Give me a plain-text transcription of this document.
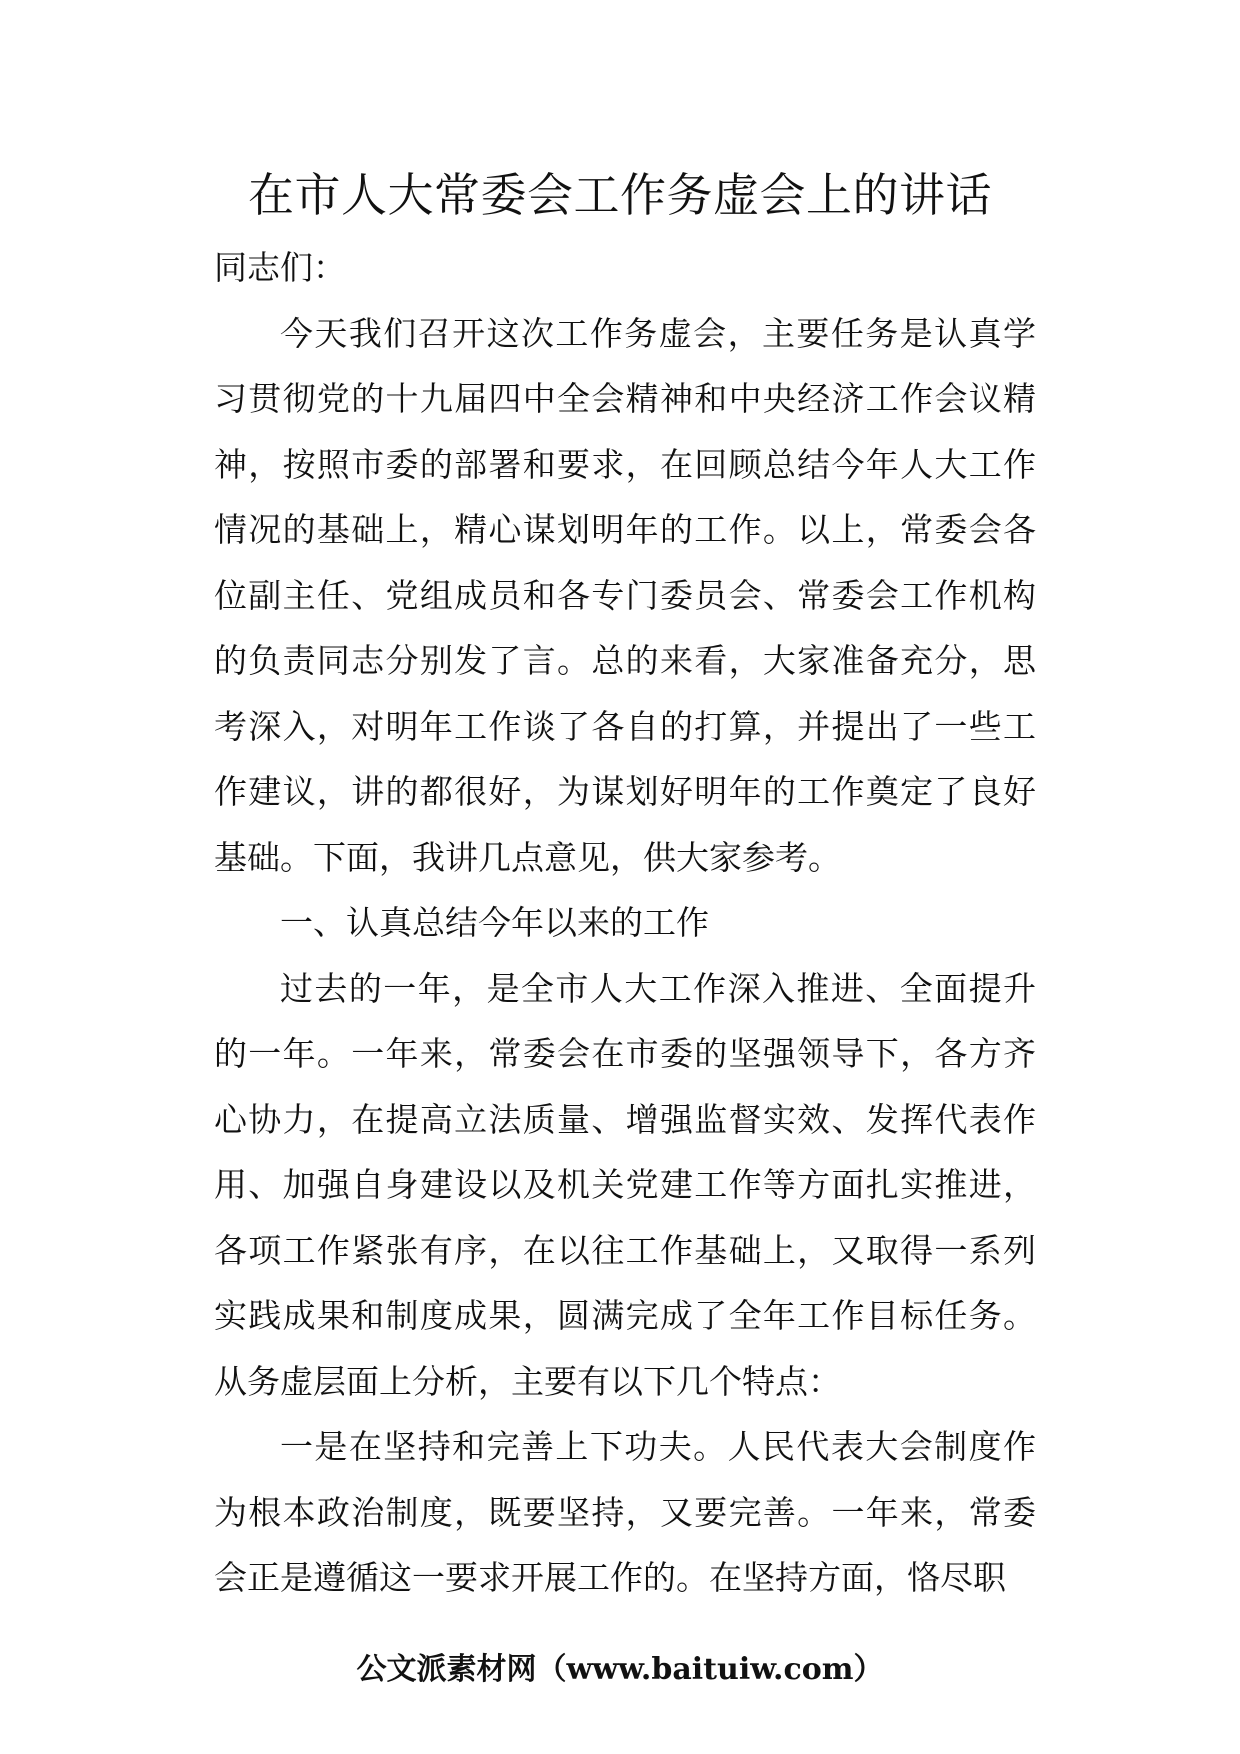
在市人大常委会工作务虚会上的讲话

同志们：

今天我们召开这次工作务虚会，主要任务是认真学习贯彻党的十九届四中全会精神和中央经济工作会议精神，按照市委的部署和要求，在回顾总结今年人大工作情况的基础上，精心谋划明年的工作。以上，常委会各位副主任、党组成员和各专门委员会、常委会工作机构的负责同志分别发了言。总的来看，大家准备充分，思考深入，对明年工作谈了各自的打算，并提出了一些工作建议，讲的都很好，为谋划好明年的工作奠定了良好基础。下面，我讲几点意见，供大家参考。

一、认真总结今年以来的工作

过去的一年，是全市人大工作深入推进、全面提升的一年。一年来，常委会在市委的坚强领导下，各方齐心协力，在提高立法质量、增强监督实效、发挥代表作用、加强自身建设以及机关党建工作等方面扎实推进，各项工作紧张有序，在以往工作基础上，又取得一系列实践成果和制度成果，圆满完成了全年工作目标任务。从务虚层面上分析，主要有以下几个特点：

一是在坚持和完善上下功夫。人民代表大会制度作为根本政治制度，既要坚持，又要完善。一年来，常委会正是遵循这一要求开展工作的。在坚持方面，恪尽职

公文派素材网（www.baituiw.com）
